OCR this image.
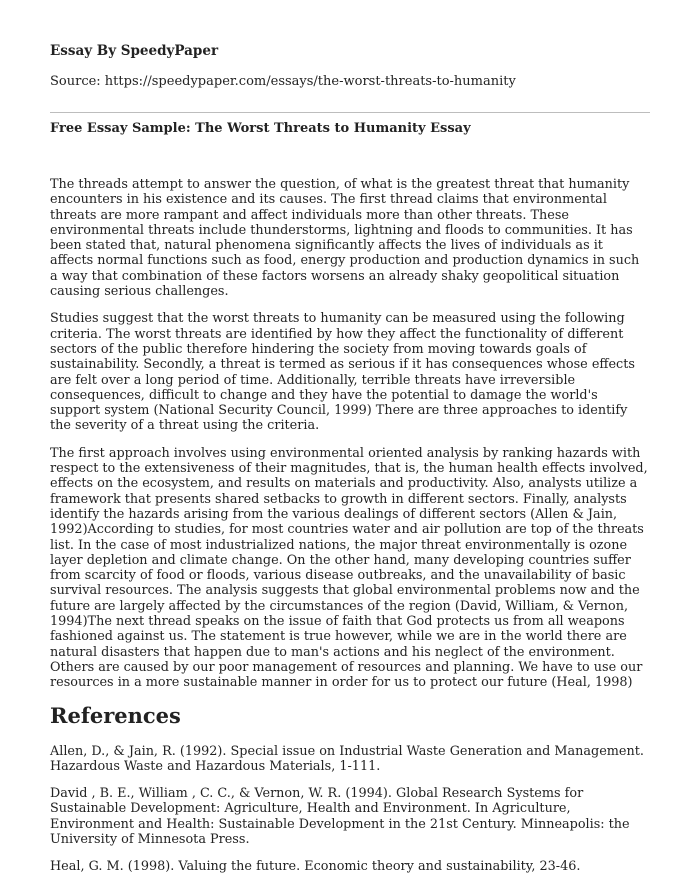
Essay By SpeedyPaper
Source: https://speedypaper.com/essays/the-worst-threats-to-humanity
Free Essay Sample: The Worst Threats to Humanity Essay

The threads attempt to answer the question, of what is the greatest threat that humanity encounters in his existence and its causes. The first thread claims that environmental threats are more rampant and affect individuals more than other threats. These environmental threats include thunderstorms, lightning and floods to communities. It has been stated that, natural phenomena significantly affects the lives of individuals as it affects normal functions such as food, energy production and production dynamics in such a way that combination of these factors worsens an already shaky geopolitical situation causing serious challenges.

Studies suggest that the worst threats to humanity can be measured using the following criteria. The worst threats are identified by how they affect the functionality of different sectors of the public therefore hindering the society from moving towards goals of sustainability. Secondly, a threat is termed as serious if it has consequences whose effects are felt over a long period of time. Additionally, terrible threats have irreversible consequences, difficult to change and they have the potential to damage the world's support system (National Security Council, 1999) There are three approaches to identify the severity of a threat using the criteria.

The first approach involves using environmental oriented analysis by ranking hazards with respect to the extensiveness of their magnitudes, that is, the human health effects involved, effects on the ecosystem, and results on materials and productivity. Also, analysts utilize a framework that presents shared setbacks to growth in different sectors. Finally, analysts identify the hazards arising from the various dealings of different sectors (Allen & Jain, 1992)According to studies, for most countries water and air pollution are top of the threats list. In the case of most industrialized nations, the major threat environmentally is ozone layer depletion and climate change. On the other hand, many developing countries suffer from scarcity of food or floods, various disease outbreaks, and the unavailability of basic survival resources. The analysis suggests that global environmental problems now and the future are largely affected by the circumstances of the region (David, William, & Vernon, 1994)The next thread speaks on the issue of faith that God protects us from all weapons fashioned against us. The statement is true however, while we are in the world there are natural disasters that happen due to man's actions and his neglect of the environment. Others are caused by our poor management of resources and planning. We have to use our resources in a more sustainable manner in order for us to protect our future (Heal, 1998)

References

Allen, D., & Jain, R. (1992). Special issue on Industrial Waste Generation and Management. Hazardous Waste and Hazardous Materials, 1-111.

David , B. E., William , C. C., & Vernon, W. R. (1994). Global Research Systems for Sustainable Development: Agriculture, Health and Environment. In Agriculture, Environment and Health: Sustainable Development in the 21st Century. Minneapolis: the University of Minnesota Press.

Heal, G. M. (1998). Valuing the future. Economic theory and sustainability, 23-46.
